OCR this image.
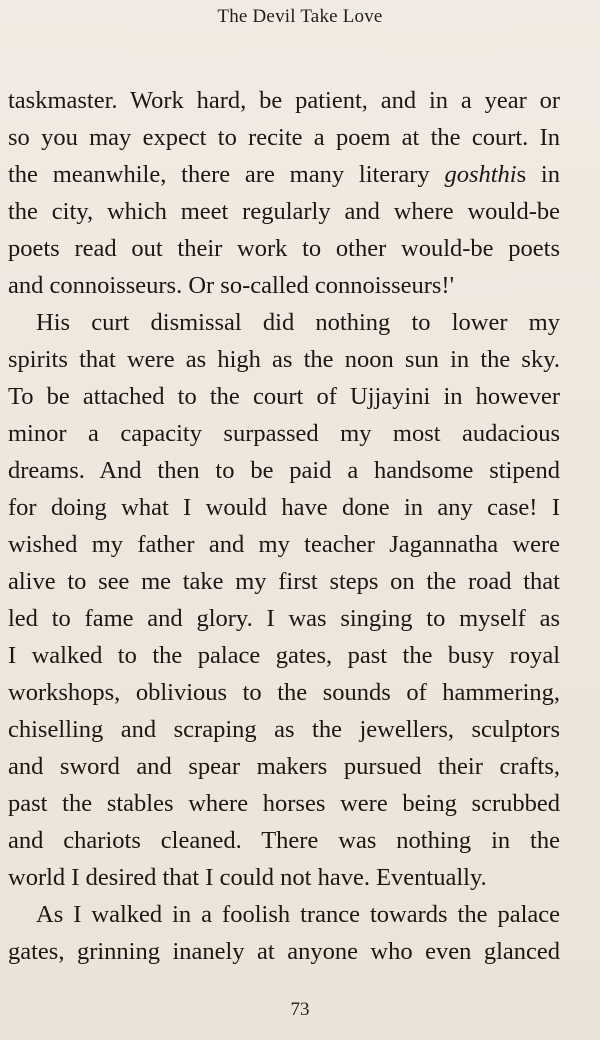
The Devil Take Love
taskmaster. Work hard, be patient, and in a year or
so you may expect to recite a poem at the court. In
the meanwhile, there are many literary goshthis in
the city, which meet regularly and where would-be
poets read out their work to other would-be poets
and connoisseurs. Or so-called connoisseurs!'
His curt dismissal did nothing to lower my
spirits that were as high as the noon sun in the sky.
To be attached to the court of Ujjayini in however
minor a capacity surpassed my most audacious
dreams. And then to be paid a handsome stipend
for doing what I would have done in any case! I
wished my father and my teacher Jagannatha were
alive to see me take my first steps on the road that
led to fame and glory. I was singing to myself as
I walked to the palace gates, past the busy royal
workshops, oblivious to the sounds of hammering,
chiselling and scraping as the jewellers, sculptors
and sword and spear makers pursued their crafts,
past the stables where horses were being scrubbed
and chariots cleaned. There was nothing in the
world I desired that I could not have. Eventually.
As I walked in a foolish trance towards the palace
gates, grinning inanely at anyone who even glanced
73
